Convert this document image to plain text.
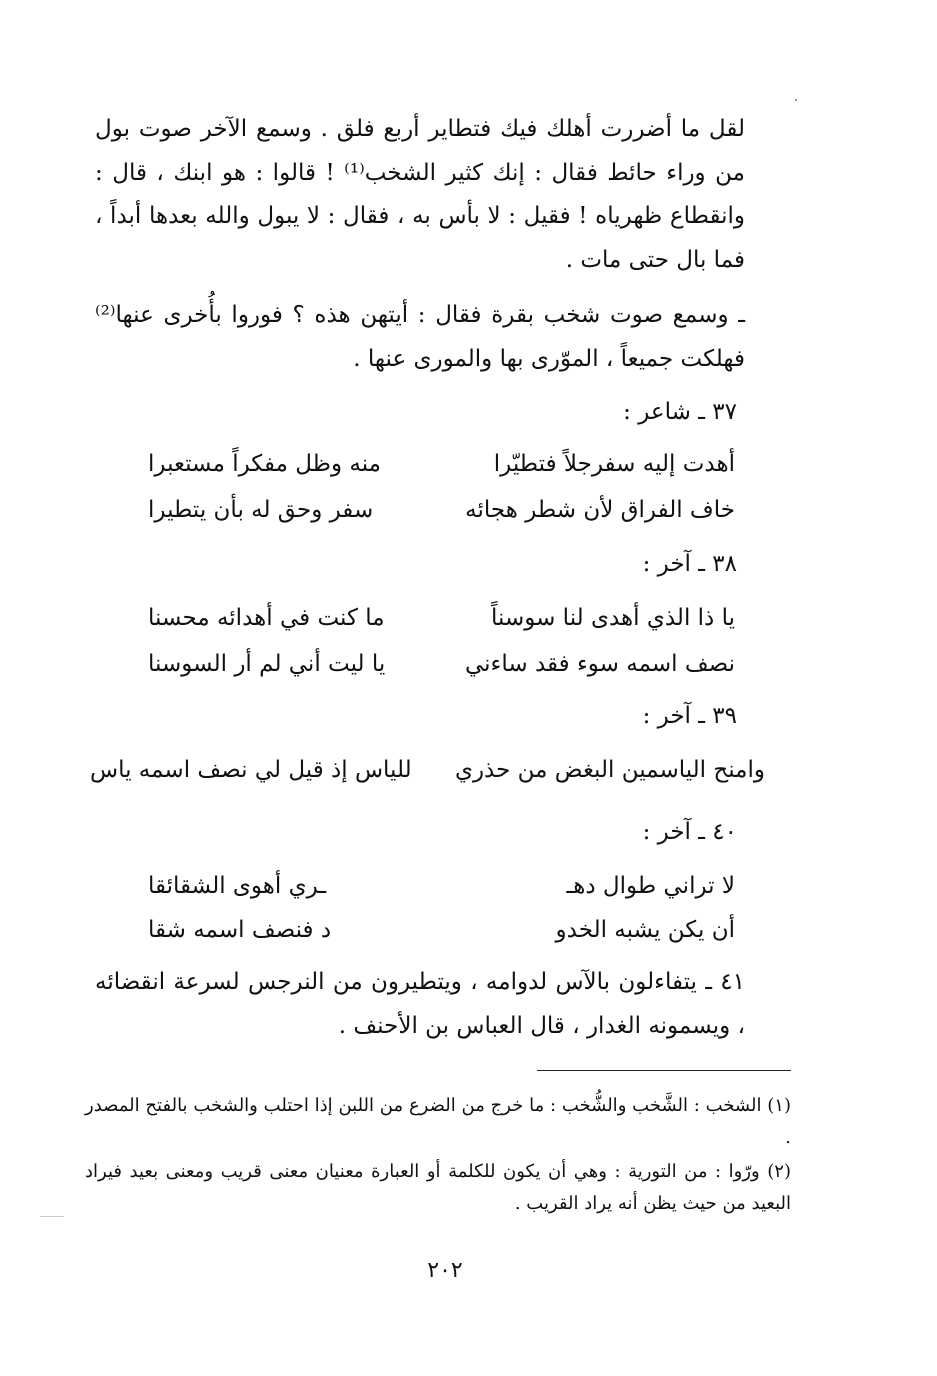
لقل ما أضررت أهلك فيك فتطاير أربع فلق . وسمع الآخر صوت بول من وراء حائط فقال : إنك كثير الشخب⁽¹⁾ ! قالوا : هو ابنك ، قال : وانقطاع ظهرياه ! فقيل : لا بأس به ، فقال : لا يبول والله بعدها أبداً ، فما بال حتى مات .
ـ وسمع صوت شخب بقرة فقال : أيتهن هذه ؟ فوروا بأُخرى عنها⁽²⁾ فهلكت جميعاً ، الموّرى بها والمورى عنها .
٣٧ ـ شاعر :
أهدت إليه سفرجلاً فتطيّرا
منه وظل مفكراً مستعبرا
خاف الفراق لأن شطر هجائه
سفر وحق له بأن يتطيرا
٣٨ ـ آخر :
يا ذا الذي أهدى لنا سوسناً
ما كنت في أهدائه محسنا
نصف اسمه سوء فقد ساءني
يا ليت أني لم أر السوسنا
٣٩ ـ آخر :
وامنح الياسمين البغض من حذري
للياس إذ قيل لي نصف اسمه ياس
٤٠ ـ آخر :
لا تراني طوال دهـ
ـري أهوى الشقائقا
أن يكن يشبه الخدو
د فنصف اسمه شقا
٤١ ـ يتفاءلون بالآس لدوامه ، ويتطيرون من النرجس لسرعة انقضائه ، ويسمونه الغدار ، قال العباس بن الأحنف .
(١) الشخب : الشَّخب والشُّخب : ما خرج من الضرع من اللبن إذا احتلب والشخب بالفتح المصدر .
(٢) ورّوا : من التورية : وهي أن يكون للكلمة أو العبارة معنيان معنى قريب ومعنى بعيد فيراد البعيد من حيث يظن أنه يراد القريب .
٢٠٢
